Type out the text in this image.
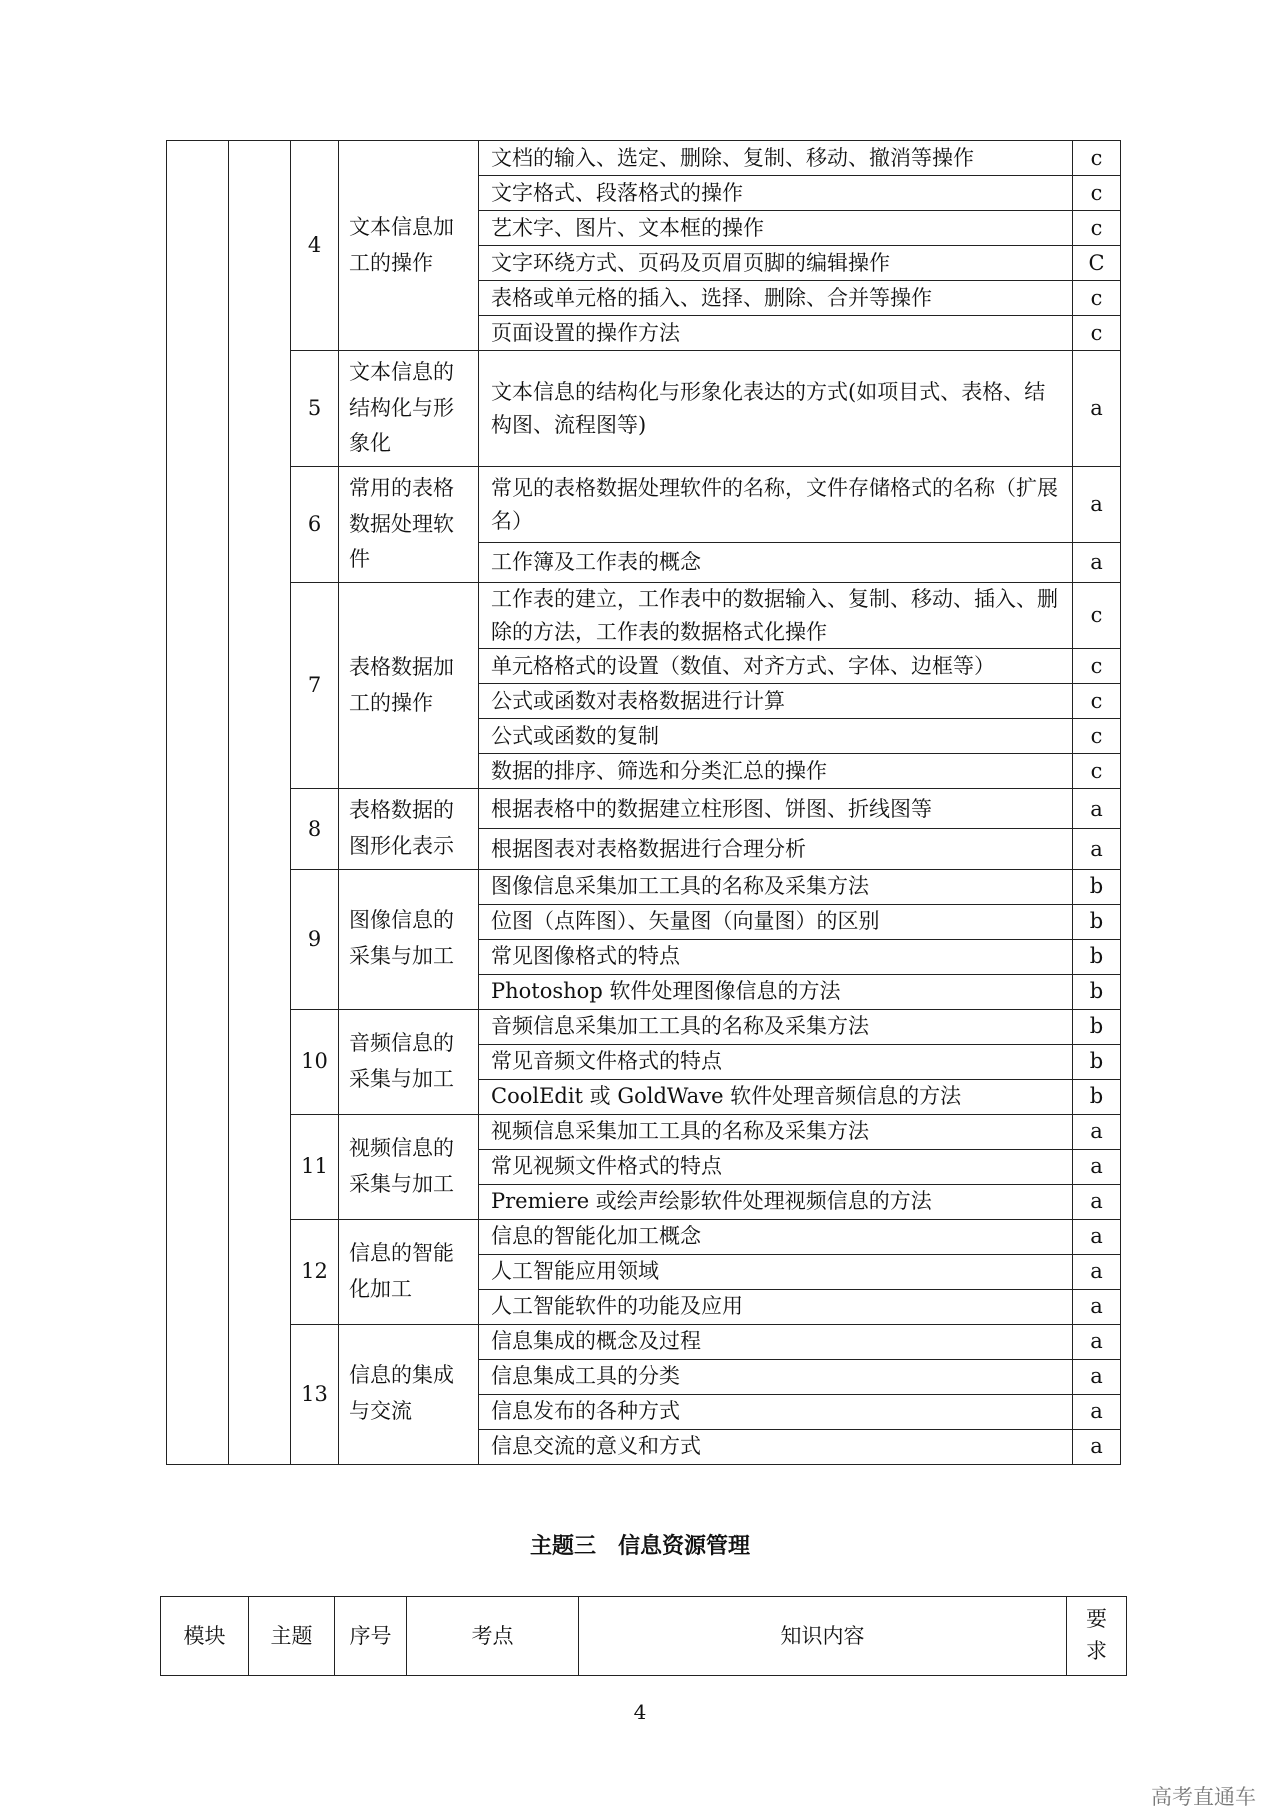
		4	文本信息加工的操作	文档的输入、选定、删除、复制、移动、撤消等操作	c
				文字格式、段落格式的操作	c
				艺术字、图片、文本框的操作	c
				文字环绕方式、页码及页眉页脚的编辑操作	C
				表格或单元格的插入、选择、删除、合并等操作	c
				页面设置的操作方法	c
		5	文本信息的结构化与形象化	文本信息的结构化与形象化表达的方式(如项目式、表格、结构图、流程图等)	a
		6	常用的表格数据处理软件	常见的表格数据处理软件的名称，文件存储格式的名称（扩展名）	a
				工作簿及工作表的概念	a
		7	表格数据加工的操作	工作表的建立，工作表中的数据输入、复制、移动、插入、删除的方法，工作表的数据格式化操作	c
				单元格格式的设置（数值、对齐方式、字体、边框等）	c
				公式或函数对表格数据进行计算	c
				公式或函数的复制	c
				数据的排序、筛选和分类汇总的操作	c
		8	表格数据的图形化表示	根据表格中的数据建立柱形图、饼图、折线图等	a
				根据图表对表格数据进行合理分析	a
		9	图像信息的采集与加工	图像信息采集加工工具的名称及采集方法	b
				位图（点阵图）、矢量图（向量图）的区别	b
				常见图像格式的特点	b
				Photoshop 软件处理图像信息的方法	b
		10	音频信息的采集与加工	音频信息采集加工工具的名称及采集方法	b
				常见音频文件格式的特点	b
				CoolEdit 或 GoldWave 软件处理音频信息的方法	b
		11	视频信息的采集与加工	视频信息采集加工工具的名称及采集方法	a
				常见视频文件格式的特点	a
				Premiere 或绘声绘影软件处理视频信息的方法	a
		12	信息的智能化加工	信息的智能化加工概念	a
				人工智能应用领域	a
				人工智能软件的功能及应用	a
		13	信息的集成与交流	信息集成的概念及过程	a
				信息集成工具的分类	a
				信息发布的各种方式	a
				信息交流的意义和方式	a
主题三　信息资源管理
模块	主题	序号	考点	知识内容	要求
4
高考直通车
